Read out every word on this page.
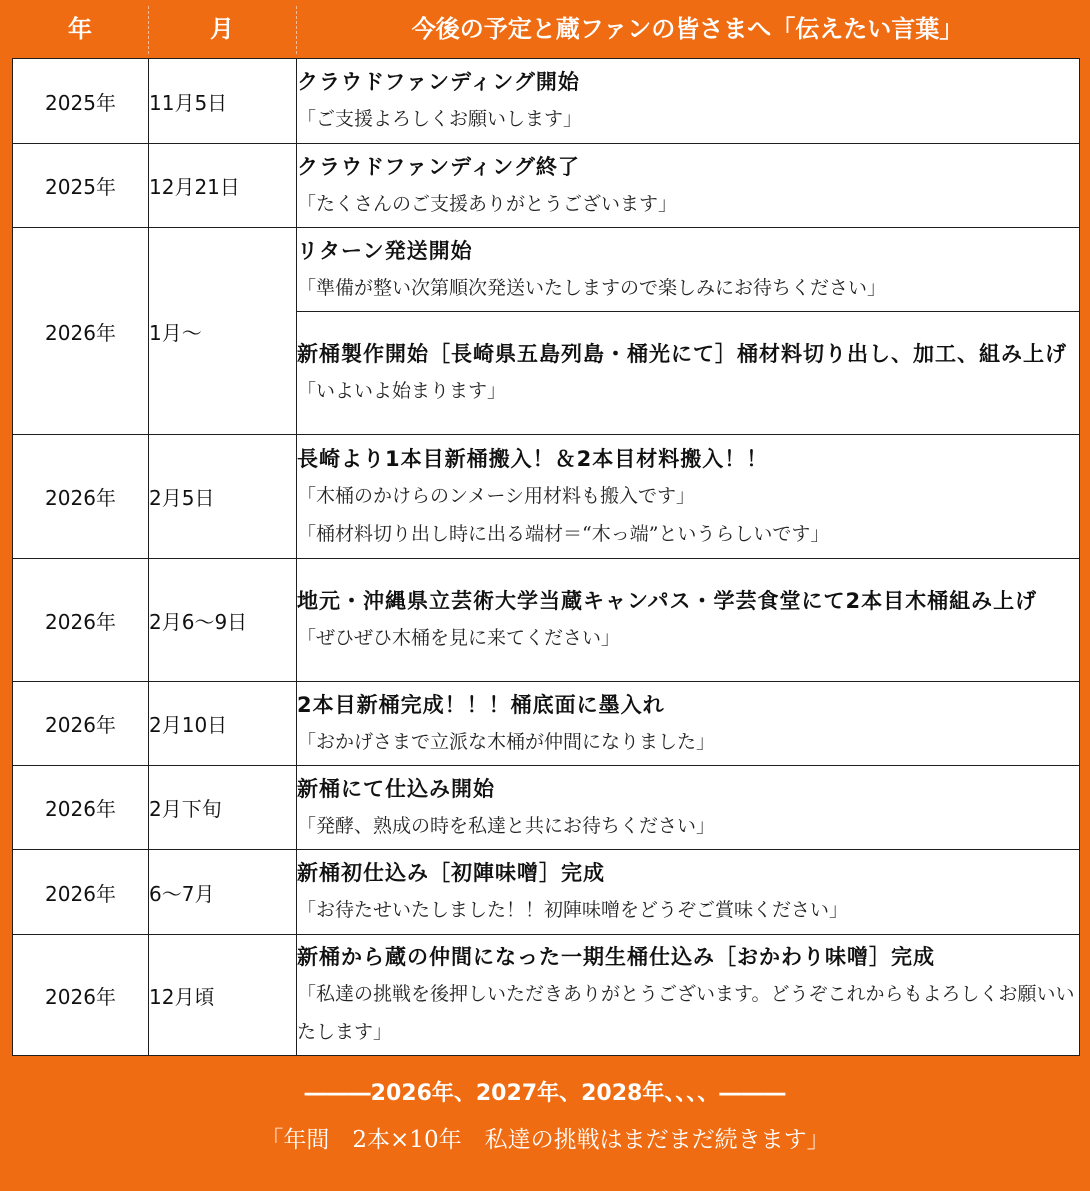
年	月	今後の予定と蔵ファンの皆さまへ「伝えたい言葉」
2025年	11月5日	クラウドファンディング開始
「ご支援よろしくお願いします」

2025年	12月21日	クラウドファンディング終了
「たくさんのご支援ありがとうございます」

2026年	1月～	リターン発送開始
「準備が整い次第順次発送いたしますので楽しみにお待ちください」

		新桶製作開始［長崎県五島列島・桶光にて］桶材料切り出し、加工、組み上げ
「いよいよ始まります」

2026年	2月5日	長崎より1本目新桶搬入！＆2本目材料搬入！！
「木桶のかけらのンメーシ用材料も搬入です」
「桶材料切り出し時に出る端材＝“木っ端”というらしいです」

2026年	2月6～9日	地元・沖縄県立芸術大学当蔵キャンパス・学芸食堂にて2本目木桶組み上げ
「ぜひぜひ木桶を見に来てください」

2026年	2月10日	2本目新桶完成！！！桶底面に墨入れ
「おかげさまで立派な木桶が仲間になりました」

2026年	2月下旬	新桶にて仕込み開始
「発酵、熟成の時を私達と共にお待ちください」

2026年	6～7月	新桶初仕込み［初陣味噌］完成
「お待たせいたしました！！初陣味噌をどうぞご賞味ください」

2026年	12月頃	新桶から蔵の仲間になった一期生桶仕込み［おかわり味噌］完成
「私達の挑戦を後押しいただきありがとうございます。どうぞこれからもよろしくお願いいたします」
―――2026年、2027年、2028年、、、、―――
「年間　2本×10年　私達の挑戦はまだまだ続きます」
